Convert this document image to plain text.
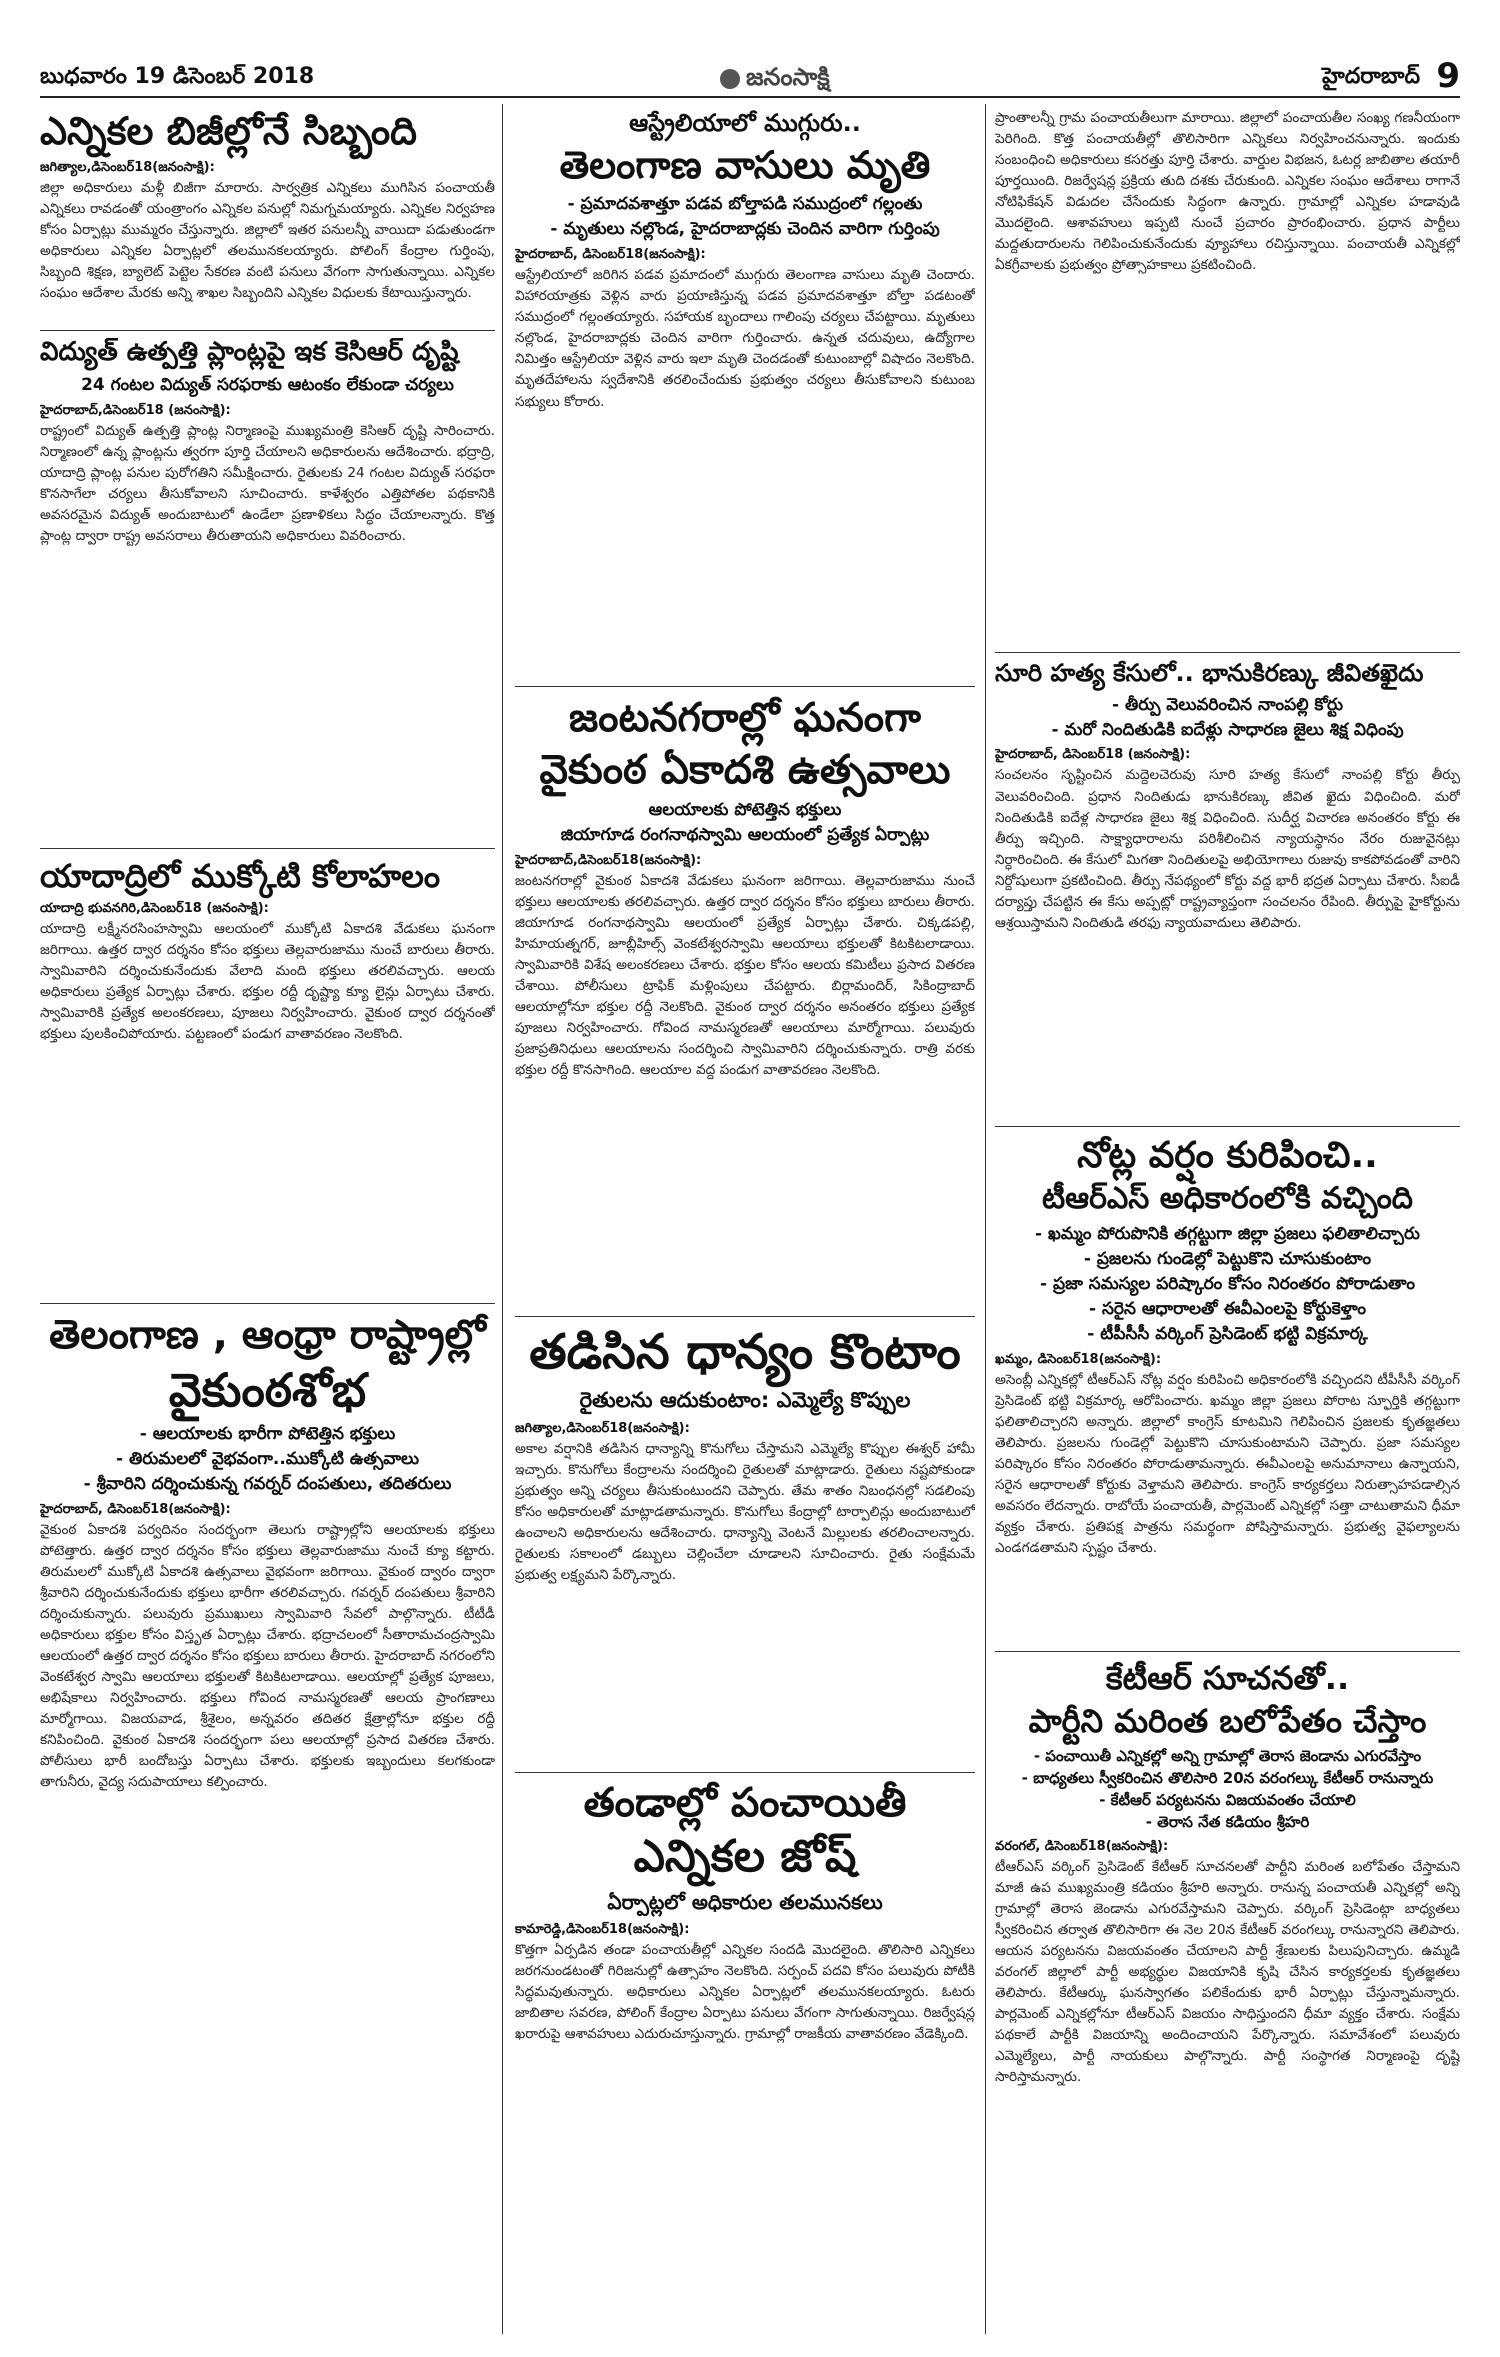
బుధవారం 19 డిసెంబర్ 2018	జనంసాక్షి	హైదరాబాద్ 9
ఎన్నికల బిజీల్లోనే సిబ్బంది
జగిత్యాల,డిసెంబర్18(జనంసాక్షి):
జిల్లా అధికారులు మళ్లీ బిజీగా మారారు. సార్వత్రిక ఎన్నికలు ముగిసిన పంచాయతీ ఎన్నికలు రావడంతో యంత్రాంగం ఎన్నికల పనుల్లో నిమగ్నమయ్యారు. ఎన్నికల నిర్వహణ కోసం ఏర్పాట్లు ముమ్మరం చేస్తున్నారు. జిల్లాలో ఇతర పనులన్నీ వాయిదా పడుతుండగా అధికారులు ఎన్నికల ఏర్పాట్లలో తలమునకలయ్యారు. పోలింగ్ కేంద్రాల గుర్తింపు, సిబ్బంది శిక్షణ, బ్యాలెట్ పెట్టెల సేకరణ వంటి పనులు వేగంగా సాగుతున్నాయి. ఎన్నికల సంఘం ఆదేశాల మేరకు అన్ని శాఖల సిబ్బందిని ఎన్నికల విధులకు కేటాయిస్తున్నారు.
విద్యుత్ ఉత్పత్తి ప్లాంట్లపై ఇక కెసిఆర్ దృష్టి
24 గంటల విద్యుత్ సరఫరాకు ఆటంకం లేకుండా చర్యలు
హైదరాబాద్,డిసెంబర్18 (జనంసాక్షి):
రాష్ట్రంలో విద్యుత్ ఉత్పత్తి ప్లాంట్ల నిర్మాణంపై ముఖ్యమంత్రి కెసిఆర్ దృష్టి సారించారు. నిర్మాణంలో ఉన్న ప్లాంట్లను త్వరగా పూర్తి చేయాలని అధికారులను ఆదేశించారు. భద్రాద్రి, యాదాద్రి ప్లాంట్ల పనుల పురోగతిని సమీక్షించారు. రైతులకు 24 గంటల విద్యుత్ సరఫరా కొనసాగేలా చర్యలు తీసుకోవాలని సూచించారు. కాళేశ్వరం ఎత్తిపోతల పథకానికి అవసరమైన విద్యుత్ అందుబాటులో ఉండేలా ప్రణాళికలు సిద్ధం చేయాలన్నారు. కొత్త ప్లాంట్ల ద్వారా రాష్ట్ర అవసరాలు తీరుతాయని అధికారులు వివరించారు.
యాదాద్రిలో ముక్కోటి కోలాహలం
యాదాద్రి భువనగిరి,డిసెంబర్18 (జనంసాక్షి):
యాదాద్రి లక్ష్మీనరసింహస్వామి ఆలయంలో ముక్కోటి ఏకాదశి వేడుకలు ఘనంగా జరిగాయి. ఉత్తర ద్వార దర్శనం కోసం భక్తులు తెల్లవారుజాము నుంచే బారులు తీరారు. స్వామివారిని దర్శించుకునేందుకు వేలాది మంది భక్తులు తరలివచ్చారు. ఆలయ అధికారులు ప్రత్యేక ఏర్పాట్లు చేశారు. భక్తుల రద్దీ దృష్ట్యా క్యూ లైన్లు ఏర్పాటు చేశారు. స్వామివారికి ప్రత్యేక అలంకరణలు, పూజలు నిర్వహించారు. వైకుంఠ ద్వార దర్శనంతో భక్తులు పులకించిపోయారు. పట్టణంలో పండుగ వాతావరణం నెలకొంది.
తెలంగాణ , ఆంధ్రా రాష్ట్రాల్లో
వైకుంఠశోభ
- ఆలయాలకు భారీగా పోటెత్తిన భక్తులు
- తిరుమలలో వైభవంగా..ముక్కోటి ఉత్సవాలు
- శ్రీవారిని దర్శించుకున్న గవర్నర్ దంపతులు, తదితరులు
హైదరాబాద్, డిసెంబర్18(జనంసాక్షి):
వైకుంఠ ఏకాదశి పర్వదినం సందర్భంగా తెలుగు రాష్ట్రాల్లోని ఆలయాలకు భక్తులు పోటెత్తారు. ఉత్తర ద్వార దర్శనం కోసం భక్తులు తెల్లవారుజాము నుంచే క్యూ కట్టారు. తిరుమలలో ముక్కోటి ఏకాదశి ఉత్సవాలు వైభవంగా జరిగాయి. వైకుంఠ ద్వారం ద్వారా శ్రీవారిని దర్శించుకునేందుకు భక్తులు భారీగా తరలివచ్చారు. గవర్నర్ దంపతులు శ్రీవారిని దర్శించుకున్నారు. పలువురు ప్రముఖులు స్వామివారి సేవలో పాల్గొన్నారు. టీటీడీ అధికారులు భక్తుల కోసం విస్తృత ఏర్పాట్లు చేశారు. భద్రాచలంలో సీతారామచంద్రస్వామి ఆలయంలో ఉత్తర ద్వార దర్శనం కోసం భక్తులు బారులు తీరారు. హైదరాబాద్ నగరంలోని వెంకటేశ్వర స్వామి ఆలయాలు భక్తులతో కిటకిటలాడాయి. ఆలయాల్లో ప్రత్యేక పూజలు, అభిషేకాలు నిర్వహించారు. భక్తులు గోవింద నామస్మరణతో ఆలయ ప్రాంగణాలు మార్మోగాయి. విజయవాడ, శ్రీశైలం, అన్నవరం తదితర క్షేత్రాల్లోనూ భక్తుల రద్దీ కనిపించింది. వైకుంఠ ఏకాదశి సందర్భంగా పలు ఆలయాల్లో ప్రసాద వితరణ చేశారు. పోలీసులు భారీ బందోబస్తు ఏర్పాటు చేశారు. భక్తులకు ఇబ్బందులు కలగకుండా తాగునీరు, వైద్య సదుపాయాలు కల్పించారు.
ఆస్ట్రేలియాలో ముగ్గురు..
తెలంగాణ వాసులు మృతి
- ప్రమాదవశాత్తూ పడవ బోల్తాపడి సముద్రంలో గల్లంతు
- మృతులు నల్లొండ, హైదరాబాద్లకు చెందిన వారిగా గుర్తింపు
హైదరాబాద్, డిసెంబర్18(జనంసాక్షి):
ఆస్ట్రేలియాలో జరిగిన పడవ ప్రమాదంలో ముగ్గురు తెలంగాణ వాసులు మృతి చెందారు. విహారయాత్రకు వెళ్లిన వారు ప్రయాణిస్తున్న పడవ ప్రమాదవశాత్తూ బోల్తా పడటంతో సముద్రంలో గల్లంతయ్యారు. సహాయక బృందాలు గాలింపు చర్యలు చేపట్టాయి. మృతులు నల్లొండ, హైదరాబాద్లకు చెందిన వారిగా గుర్తించారు. ఉన్నత చదువులు, ఉద్యోగాల నిమిత్తం ఆస్ట్రేలియా వెళ్లిన వారు ఇలా మృతి చెందడంతో కుటుంబాల్లో విషాదం నెలకొంది. మృతదేహాలను స్వదేశానికి తరలించేందుకు ప్రభుత్వం చర్యలు తీసుకోవాలని కుటుంబ సభ్యులు కోరారు.
జంటనగరాల్లో ఘనంగా
వైకుంఠ ఏకాదశి ఉత్సవాలు
ఆలయాలకు పోటెత్తిన భక్తులు
జియాగూడ రంగనాథస్వామి ఆలయంలో ప్రత్యేక ఏర్పాట్లు
హైదరాబాద్,డిసెంబర్18(జనంసాక్షి):
జంటనగరాల్లో వైకుంఠ ఏకాదశి వేడుకలు ఘనంగా జరిగాయి. తెల్లవారుజాము నుంచే భక్తులు ఆలయాలకు తరలివచ్చారు. ఉత్తర ద్వార దర్శనం కోసం భక్తులు బారులు తీరారు. జియాగూడ రంగనాథస్వామి ఆలయంలో ప్రత్యేక ఏర్పాట్లు చేశారు. చిక్కడపల్లి, హిమాయత్నగర్, జూబ్లీహిల్స్ వెంకటేశ్వరస్వామి ఆలయాలు భక్తులతో కిటకిటలాడాయి. స్వామివారికి విశేష అలంకరణలు చేశారు. భక్తుల కోసం ఆలయ కమిటీలు ప్రసాద వితరణ చేశాయి. పోలీసులు ట్రాఫిక్ మళ్లింపులు చేపట్టారు. బిర్లామందిర్, సికింద్రాబాద్ ఆలయాల్లోనూ భక్తుల రద్దీ నెలకొంది. వైకుంఠ ద్వార దర్శనం అనంతరం భక్తులు ప్రత్యేక పూజలు నిర్వహించారు. గోవింద నామస్మరణతో ఆలయాలు మార్మోగాయి. పలువురు ప్రజాప్రతినిధులు ఆలయాలను సందర్శించి స్వామివారిని దర్శించుకున్నారు. రాత్రి వరకు భక్తుల రద్దీ కొనసాగింది. ఆలయాల వద్ద పండుగ వాతావరణం నెలకొంది.
తడిసిన ధాన్యం కొంటాం
రైతులను ఆదుకుంటాం: ఎమ్మెల్యే కొప్పుల
జగిత్యాల,డిసెంబర్18(జనంసాక్షి):
అకాల వర్షానికి తడిసిన ధాన్యాన్ని కొనుగోలు చేస్తామని ఎమ్మెల్యే కొప్పుల ఈశ్వర్ హామీ ఇచ్చారు. కొనుగోలు కేంద్రాలను సందర్శించి రైతులతో మాట్లాడారు. రైతులు నష్టపోకుండా ప్రభుత్వం అన్ని చర్యలు తీసుకుంటుందని చెప్పారు. తేమ శాతం నిబంధనల్లో సడలింపు కోసం అధికారులతో మాట్లాడతామన్నారు. కొనుగోలు కేంద్రాల్లో టార్పాలిన్లు అందుబాటులో ఉంచాలని అధికారులను ఆదేశించారు. ధాన్యాన్ని వెంటనే మిల్లులకు తరలించాలన్నారు. రైతులకు సకాలంలో డబ్బులు చెల్లించేలా చూడాలని సూచించారు. రైతు సంక్షేమమే ప్రభుత్వ లక్ష్యమని పేర్కొన్నారు.
తండాల్లో పంచాయితీ
ఎన్నికల జోష్
ఏర్పాట్లలో అధికారుల తలమునకలు
కామారెడ్డి,డిసెంబర్18(జనంసాక్షి):
కొత్తగా ఏర్పడిన తండా పంచాయతీల్లో ఎన్నికల సందడి మొదలైంది. తొలిసారి ఎన్నికలు జరగనుండటంతో గిరిజనుల్లో ఉత్సాహం నెలకొంది. సర్పంచ్ పదవి కోసం పలువురు పోటీకి సిద్ధమవుతున్నారు. అధికారులు ఎన్నికల ఏర్పాట్లలో తలమునకలయ్యారు. ఓటరు జాబితాల సవరణ, పోలింగ్ కేంద్రాల ఏర్పాటు పనులు వేగంగా సాగుతున్నాయి. రిజర్వేషన్ల ఖరారుపై ఆశావహులు ఎదురుచూస్తున్నారు. గ్రామాల్లో రాజకీయ వాతావరణం వేడెక్కింది.
ప్రాంతాలన్నీ గ్రామ పంచాయతీలుగా మారాయి. జిల్లాలో పంచాయతీల సంఖ్య గణనీయంగా పెరిగింది. కొత్త పంచాయతీల్లో తొలిసారిగా ఎన్నికలు నిర్వహించనున్నారు. ఇందుకు సంబంధించి అధికారులు కసరత్తు పూర్తి చేశారు. వార్డుల విభజన, ఓటర్ల జాబితాల తయారీ పూర్తయింది. రిజర్వేషన్ల ప్రక్రియ తుది దశకు చేరుకుంది. ఎన్నికల సంఘం ఆదేశాలు రాగానే నోటిఫికేషన్ విడుదల చేసేందుకు సిద్ధంగా ఉన్నారు. గ్రామాల్లో ఎన్నికల హడావుడి మొదలైంది. ఆశావహులు ఇప్పటి నుంచే ప్రచారం ప్రారంభించారు. ప్రధాన పార్టీలు మద్దతుదారులను గెలిపించుకునేందుకు వ్యూహాలు రచిస్తున్నాయి. పంచాయతీ ఎన్నికల్లో ఏకగ్రీవాలకు ప్రభుత్వం ప్రోత్సాహకాలు ప్రకటించింది.
సూరి హత్య కేసులో.. భానుకిరణ్కు జీవితఖైదు
- తీర్పు వెలువరించిన నాంపల్లి కోర్టు
- మరో నిందితుడికి ఐదేళ్లు సాధారణ జైలు శిక్ష విధింపు
హైదరాబాద్, డిసెంబర్18 (జనంసాక్షి):
సంచలనం సృష్టించిన మద్దెలచెరువు సూరి హత్య కేసులో నాంపల్లి కోర్టు తీర్పు వెలువరించింది. ప్రధాన నిందితుడు భానుకిరణ్కు జీవిత ఖైదు విధించింది. మరో నిందితుడికి ఐదేళ్ల సాధారణ జైలు శిక్ష విధించింది. సుదీర్ఘ విచారణ అనంతరం కోర్టు ఈ తీర్పు ఇచ్చింది. సాక్ష్యాధారాలను పరిశీలించిన న్యాయస్థానం నేరం రుజువైనట్లు నిర్ధారించింది. ఈ కేసులో మిగతా నిందితులపై అభియోగాలు రుజువు కాకపోవడంతో వారిని నిర్దోషులుగా ప్రకటించింది. తీర్పు నేపథ్యంలో కోర్టు వద్ద భారీ భద్రత ఏర్పాటు చేశారు. సీఐడీ దర్యాప్తు చేపట్టిన ఈ కేసు అప్పట్లో రాష్ట్రవ్యాప్తంగా సంచలనం రేపింది. తీర్పుపై హైకోర్టును ఆశ్రయిస్తామని నిందితుడి తరఫు న్యాయవాదులు తెలిపారు.
నోట్ల వర్షం కురిపించి..
టీఆర్ఎస్ అధికారంలోకి వచ్చింది
- ఖమ్మం పోరుపొనికి తగ్గట్టుగా జిల్లా ప్రజలు ఫలితాలిచ్చారు
- ప్రజలను గుండెల్లో పెట్టుకొని చూసుకుంటాం
- ప్రజా సమస్యల పరిష్కారం కోసం నిరంతరం పోరాడుతాం
- సరైన ఆధారాలతో ఈవీఎంలపై కోర్టుకెళ్తాం
- టీపీసీసీ వర్కింగ్ ప్రెసిడెంట్ భట్టి విక్రమార్క
ఖమ్మం, డిసెంబర్18(జనంసాక్షి):
అసెంబ్లీ ఎన్నికల్లో టీఆర్ఎస్ నోట్ల వర్షం కురిపించి అధికారంలోకి వచ్చిందని టీపీసీసీ వర్కింగ్ ప్రెసిడెంట్ భట్టి విక్రమార్క ఆరోపించారు. ఖమ్మం జిల్లా ప్రజలు పోరాట స్ఫూర్తికి తగ్గట్టుగా ఫలితాలిచ్చారని అన్నారు. జిల్లాలో కాంగ్రెస్ కూటమిని గెలిపించిన ప్రజలకు కృతజ్ఞతలు తెలిపారు. ప్రజలను గుండెల్లో పెట్టుకొని చూసుకుంటామని చెప్పారు. ప్రజా సమస్యల పరిష్కారం కోసం నిరంతరం పోరాడుతామన్నారు. ఈవీఎంలపై అనుమానాలు ఉన్నాయని, సరైన ఆధారాలతో కోర్టుకు వెళ్తామని తెలిపారు. కాంగ్రెస్ కార్యకర్తలు నిరుత్సాహపడాల్సిన అవసరం లేదన్నారు. రాబోయే పంచాయతీ, పార్లమెంట్ ఎన్నికల్లో సత్తా చాటుతామని ధీమా వ్యక్తం చేశారు. ప్రతిపక్ష పాత్రను సమర్థంగా పోషిస్తామన్నారు. ప్రభుత్వ వైఫల్యాలను ఎండగడతామని స్పష్టం చేశారు.
కేటీఆర్ సూచనతో..
పార్టీని మరింత బలోపేతం చేస్తాం
- పంచాయితీ ఎన్నికల్లో అన్ని గ్రామాల్లో తెరాస జెండాను ఎగురవేస్తాం
- బాధ్యతలు స్వీకరించిన తొలిసారి 20న వరంగల్కు కేటీఆర్ రానున్నారు
- కేటీఆర్ పర్యటనను విజయవంతం చేయాలి
- తెరాస నేత కడియం శ్రీహరి
వరంగల్, డిసెంబర్18(జనంసాక్షి):
టీఆర్ఎస్ వర్కింగ్ ప్రెసిడెంట్ కేటీఆర్ సూచనలతో పార్టీని మరింత బలోపేతం చేస్తామని మాజీ ఉప ముఖ్యమంత్రి కడియం శ్రీహరి అన్నారు. రానున్న పంచాయతీ ఎన్నికల్లో అన్ని గ్రామాల్లో తెరాస జెండాను ఎగురవేస్తామని చెప్పారు. వర్కింగ్ ప్రెసిడెంట్గా బాధ్యతలు స్వీకరించిన తర్వాత తొలిసారిగా ఈ నెల 20న కేటీఆర్ వరంగల్కు రానున్నారని తెలిపారు. ఆయన పర్యటనను విజయవంతం చేయాలని పార్టీ శ్రేణులకు పిలుపునిచ్చారు. ఉమ్మడి వరంగల్ జిల్లాలో పార్టీ అభ్యర్థుల విజయానికి కృషి చేసిన కార్యకర్తలకు కృతజ్ఞతలు తెలిపారు. కేటీఆర్కు ఘనస్వాగతం పలికేందుకు భారీ ఏర్పాట్లు చేస్తున్నామన్నారు. పార్లమెంట్ ఎన్నికల్లోనూ టీఆర్ఎస్ విజయం సాధిస్తుందని ధీమా వ్యక్తం చేశారు. సంక్షేమ పథకాలే పార్టీకి విజయాన్ని అందించాయని పేర్కొన్నారు. సమావేశంలో పలువురు ఎమ్మెల్యేలు, పార్టీ నాయకులు పాల్గొన్నారు. పార్టీ సంస్థాగత నిర్మాణంపై దృష్టి సారిస్తామన్నారు.
